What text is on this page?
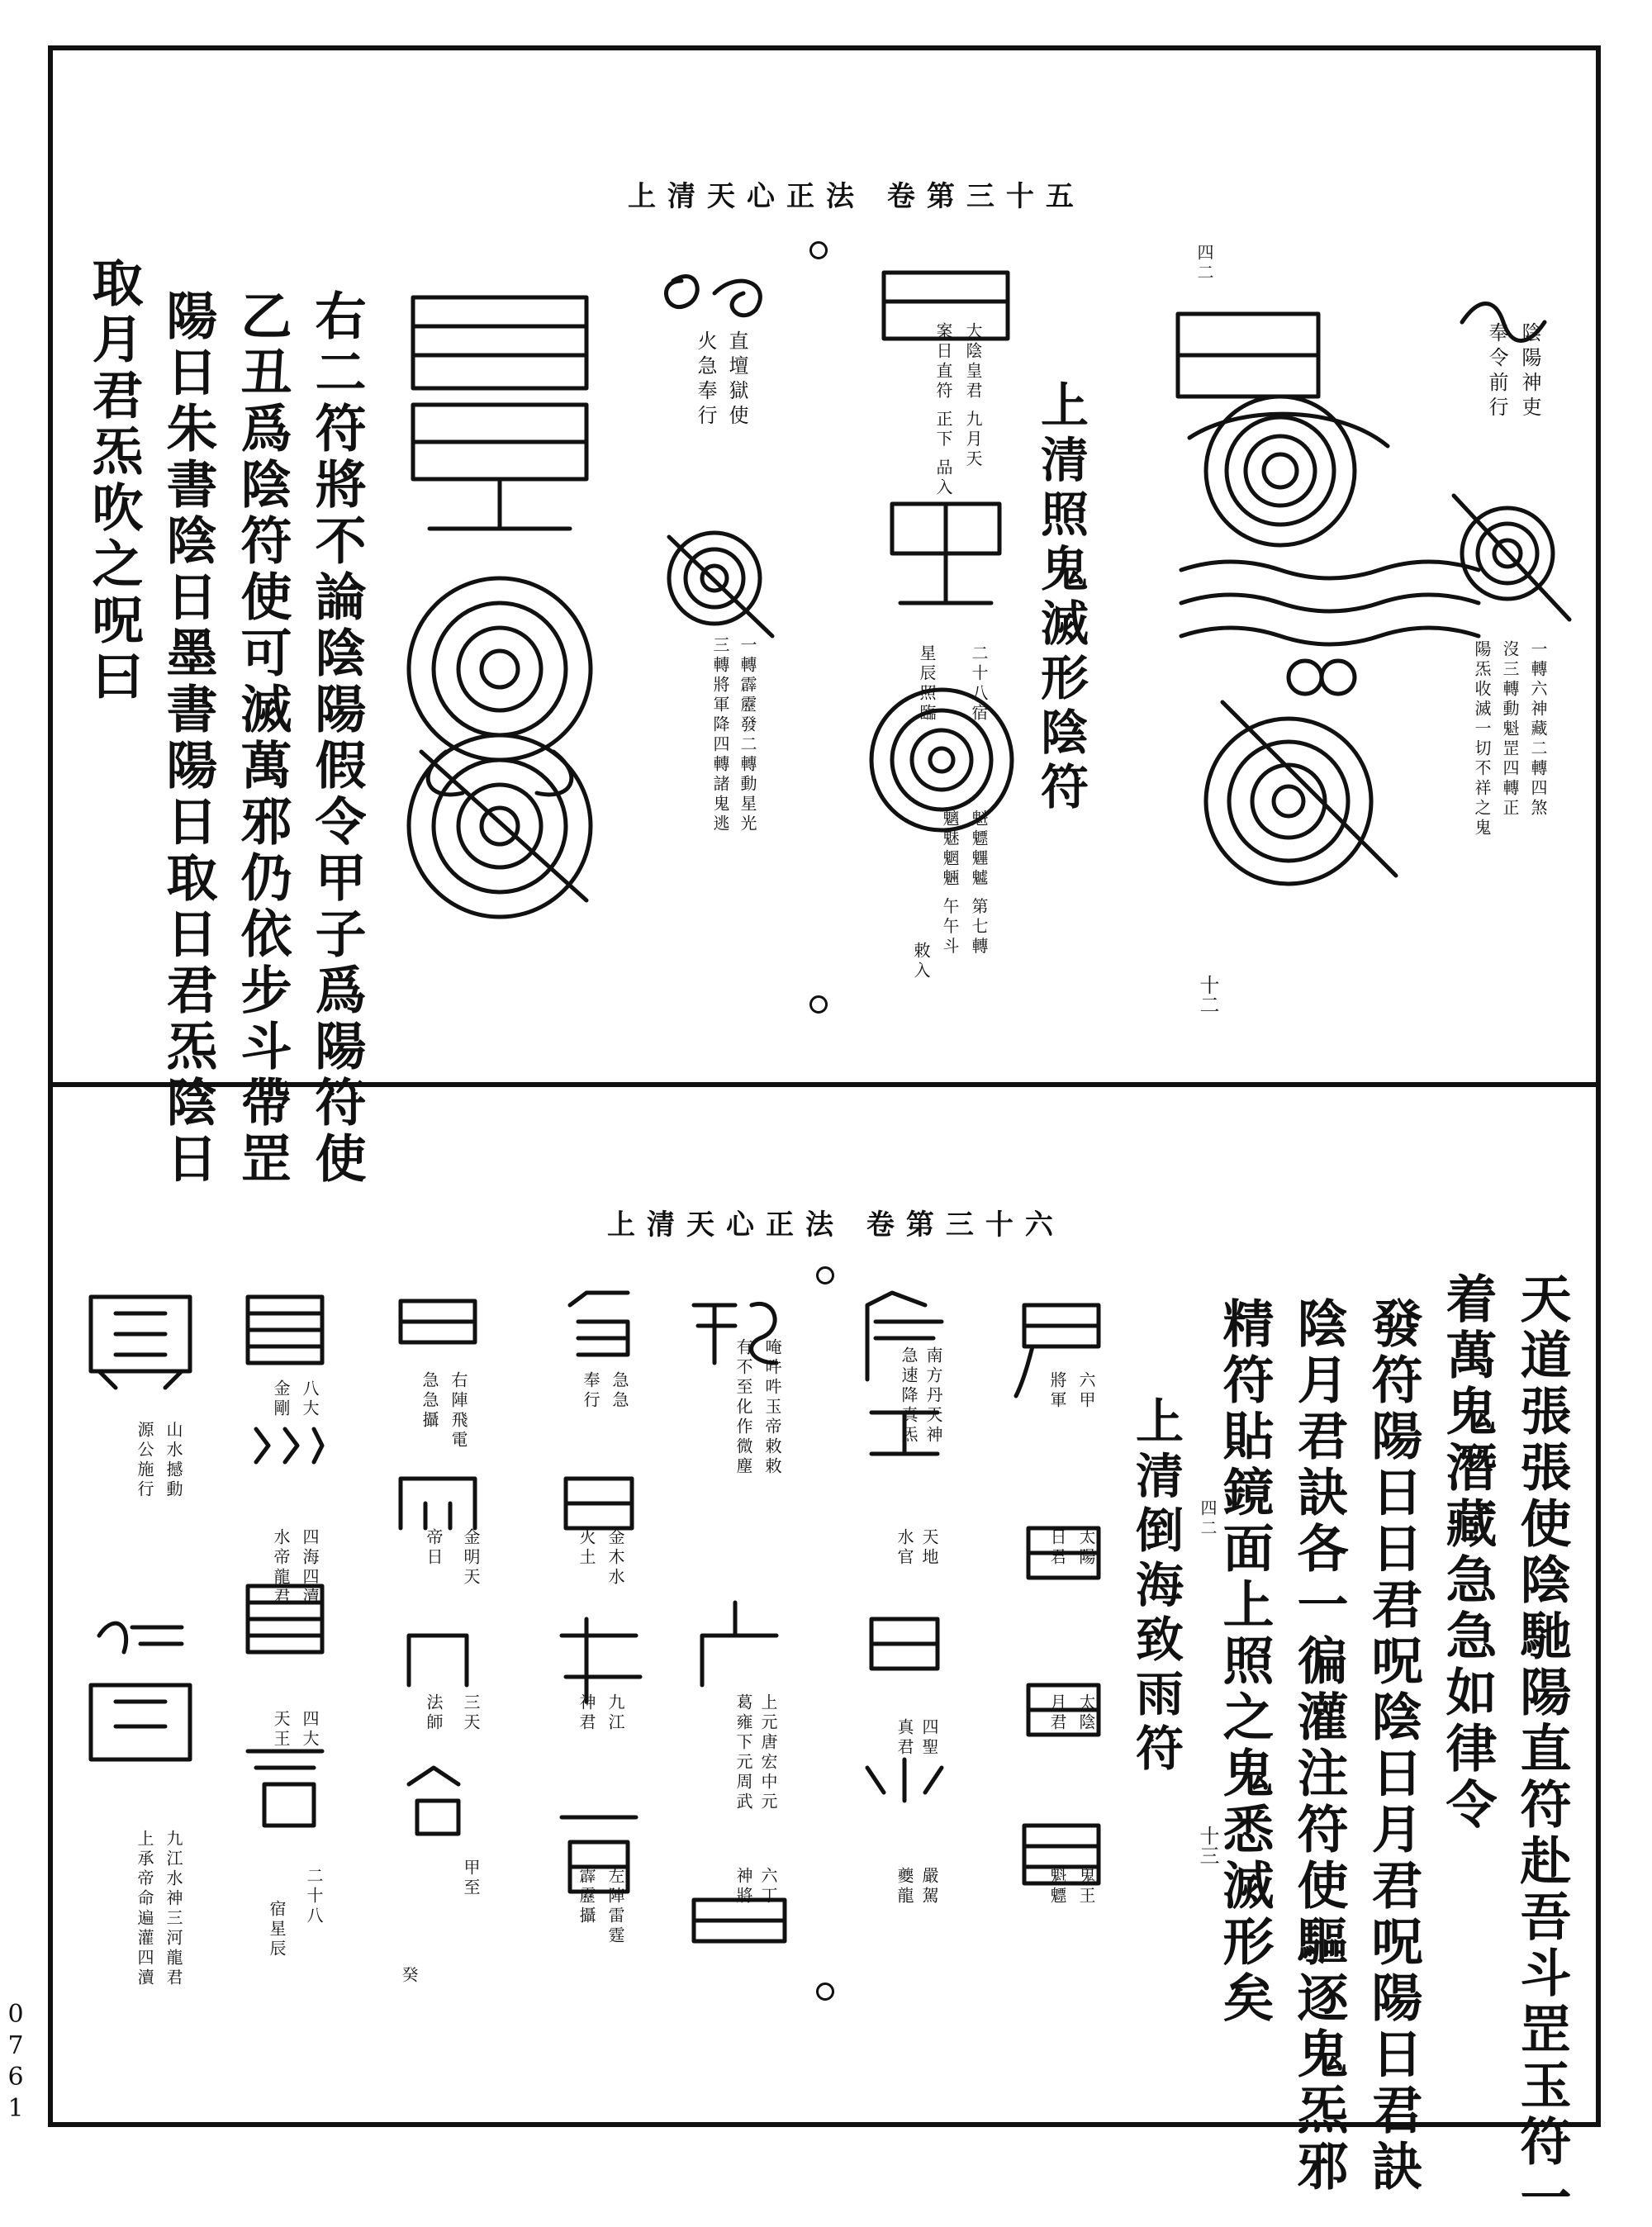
上清天心正法 卷第三十五
四二
十二
陰陽神吏
奉令前行
一轉六神藏二轉四煞
沒三轉動魁罡四轉正
陽炁收滅一切不祥之鬼
上清照鬼滅形陰符
大陰皇君 九月天
案日直符 正下 品入
二十八宿
星辰照臨
魁魒魓魖 第七轉
魑魅魍魎 午午斗
敕入
直壇獄使
火急奉行
一轉霹靂發二轉動星光
三轉將軍降四轉諸鬼逃
右二符將不論陰陽假令甲子爲陽符使
乙丑爲陰符使可滅萬邪仍依步斗帶罡
陽日朱書陰日墨書陽日取日君炁陰日
取月君炁吹之呪曰
上清天心正法 卷第三十六
天道張張使陰馳陽直符赴吾斗罡玉符一
着萬鬼潛藏急急如律令
發符陽日日君呪陰日月君呪陽日君訣
陰月君訣各一徧灌注符使驅逐鬼炁邪
精符貼鏡面上照之鬼悉滅形矣
四二
十三
上清倒海致雨符
六甲
將軍
太陽
日君
太陰
月君
鬼王
魁魒
南方丹天神
急速降真炁
天地
水官
四聖
真君
嚴駕
夔龍
唵吽吽玉帝敕敕
有不至化作微塵
上元唐宏中元
葛雍下元周武
六丁
神將
急急
奉行
金木水
火土
九江
神君
左陣雷霆
霹靂攝
右陣飛電
急急攝
金明天
帝日
三天
法師
甲至
癸
八大
金剛
四海四瀆
水帝龍君
四大
天王
二十八
宿星辰
山水撼動
源公施行
九江水神三河龍君
上承帝命遍灌四瀆
0
7
6
1
